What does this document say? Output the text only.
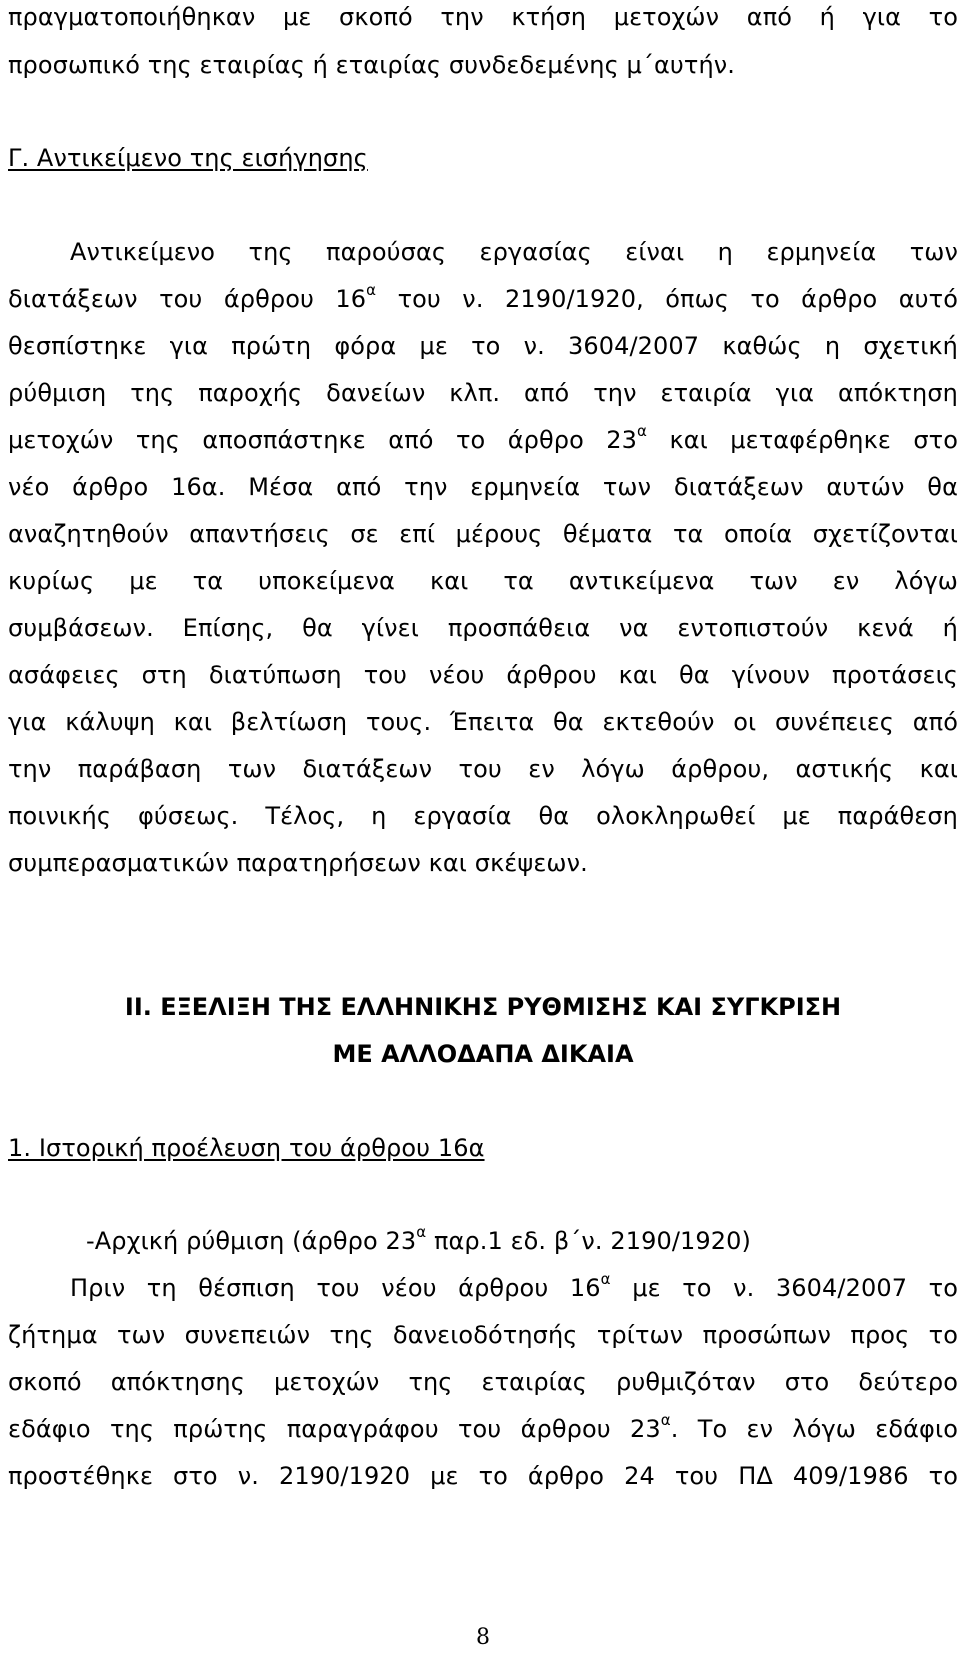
πραγματοποιήθηκαν με σκοπό την κτήση μετοχών από ή για το
προσωπικό της εταιρίας ή εταιρίας συνδεδεμένης μ΄αυτήν.
Γ. Αντικείμενο της εισήγησης
Αντικείμενο της παρούσας εργασίας είναι η ερμηνεία των
διατάξεων του άρθρου $16^\alpha$ του ν. 2190/1920, όπως το άρθρο αυτό
θεσπίστηκε για πρώτη φόρα με το ν. 3604/2007 καθώς η σχετική
ρύθμιση της παροχής δανείων κλπ. από την εταιρία για απόκτηση
μετοχών της αποσπάστηκε από το άρθρο $23^\alpha$ και μεταφέρθηκε στο
νέο άρθρο 16α. Μέσα από την ερμηνεία των διατάξεων αυτών θα
αναζητηθούν απαντήσεις σε επί μέρους θέματα τα οποία σχετίζονται
κυρίως με τα υποκείμενα και τα αντικείμενα των εν λόγω
συμβάσεων. Επίσης, θα γίνει προσπάθεια να εντοπιστούν κενά ή
ασάφειες στη διατύπωση του νέου άρθρου και θα γίνουν προτάσεις
για κάλυψη και βελτίωση τους. Έπειτα θα εκτεθούν οι συνέπειες από
την παράβαση των διατάξεων του εν λόγω άρθρου, αστικής και
ποινικής φύσεως. Τέλος, η εργασία θα ολοκληρωθεί με παράθεση
συμπερασματικών παρατηρήσεων και σκέψεων.
ΙΙ. ΕΞΕΛΙΞΗ ΤΗΣ ΕΛΛΗΝΙΚΗΣ ΡΥΘΜΙΣΗΣ ΚΑΙ ΣΥΓΚΡΙΣΗ
ΜΕ ΑΛΛΟΔΑΠΑ ΔΙΚΑΙΑ
1. Ιστορική προέλευση του άρθρου 16α
-Αρχική ρύθμιση (άρθρο $23^\alpha$ παρ.1 εδ. β΄ν. 2190/1920)
Πριν τη θέσπιση του νέου άρθρου $16^\alpha$ με το ν. 3604/2007 το
ζήτημα των συνεπειών της δανειοδότησής τρίτων προσώπων προς το
σκοπό απόκτησης μετοχών της εταιρίας ρυθμιζόταν στο δεύτερο
εδάφιο της πρώτης παραγράφου του άρθρου $23^\alpha$. Το εν λόγω εδάφιο
προστέθηκε στο ν. 2190/1920 με το άρθρο 24 του ΠΔ 409/1986 το
8
